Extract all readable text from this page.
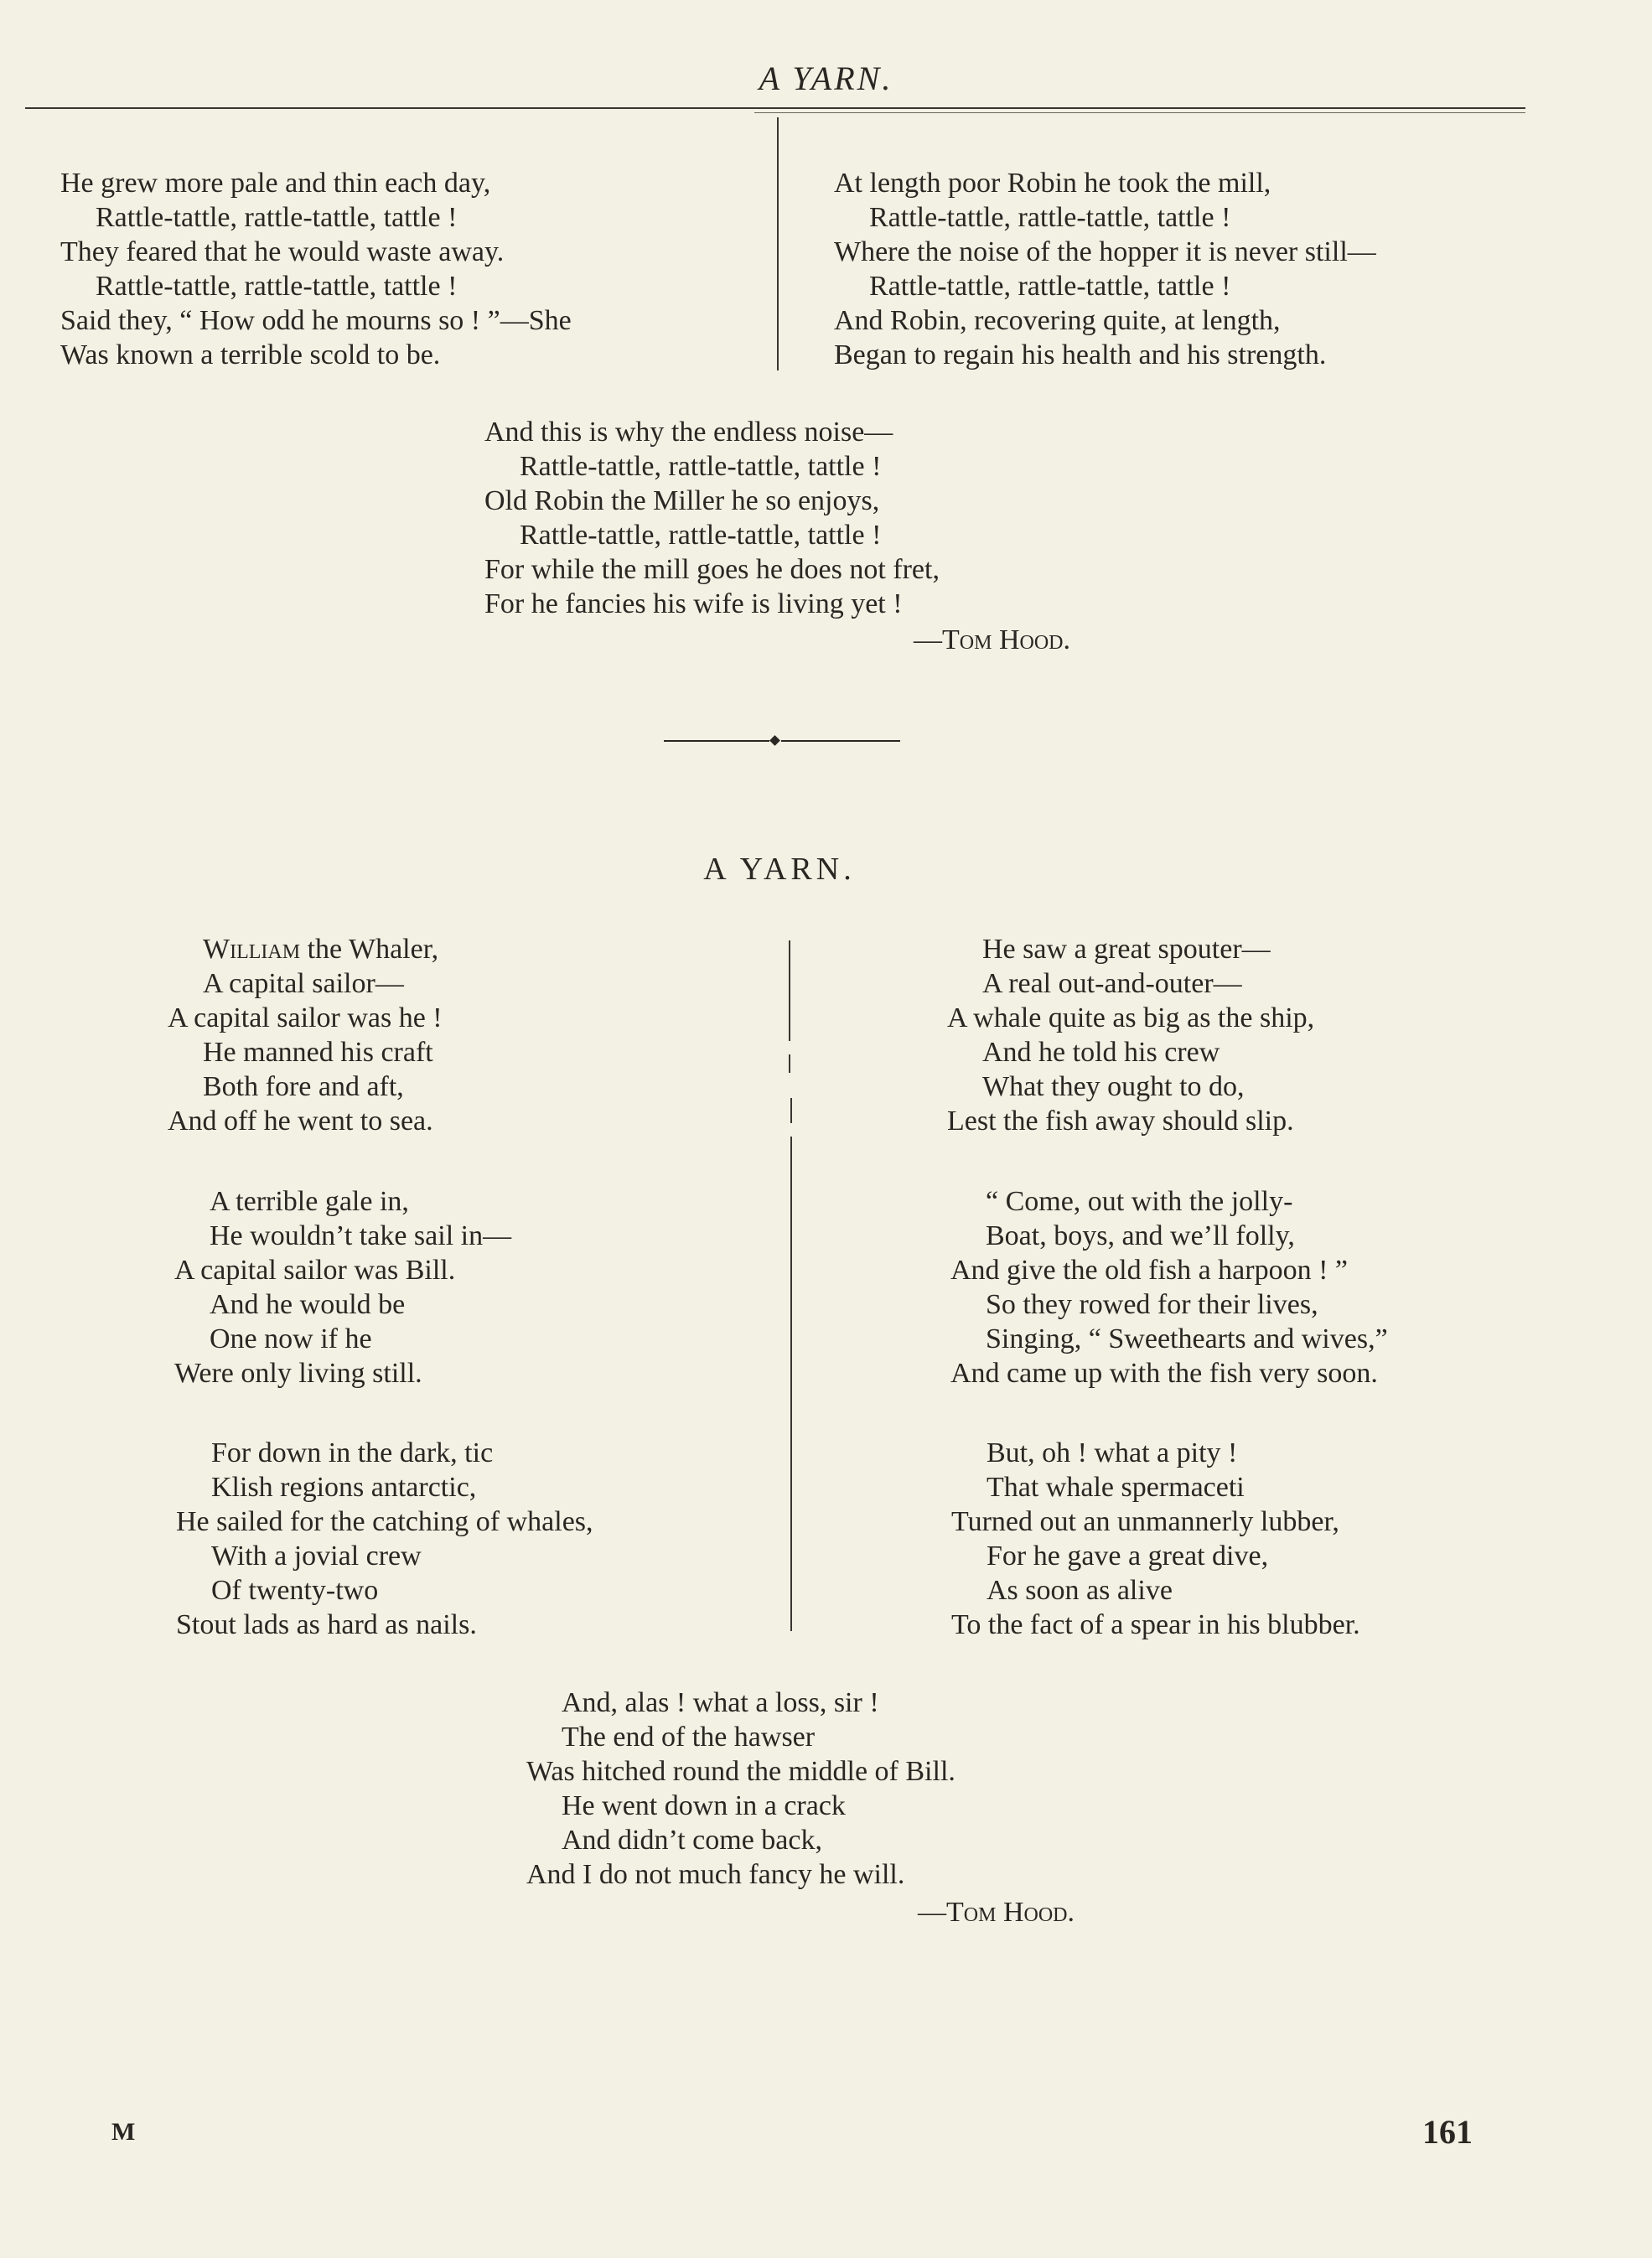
A YARN.
He grew more pale and thin each day,
Rattle-tattle, rattle-tattle, tattle !
They feared that he would waste away.
Rattle-tattle, rattle-tattle, tattle !
Said they, “ How odd he mourns so ! ”—She
Was known a terrible scold to be.
At length poor Robin he took the mill,
Rattle-tattle, rattle-tattle, tattle !
Where the noise of the hopper it is never still—
Rattle-tattle, rattle-tattle, tattle !
And Robin, recovering quite, at length,
Began to regain his health and his strength.
And this is why the endless noise—
Rattle-tattle, rattle-tattle, tattle !
Old Robin the Miller he so enjoys,
Rattle-tattle, rattle-tattle, tattle !
For while the mill goes he does not fret,
For he fancies his wife is living yet !
—Tom Hood.
A YARN.
William the Whaler,
A capital sailor—
A capital sailor was he !
He manned his craft
Both fore and aft,
And off he went to sea.
A terrible gale in,
He wouldn’t take sail in—
A capital sailor was Bill.
And he would be
One now if he
Were only living still.
For down in the dark, tic
Klish regions antarctic,
He sailed for the catching of whales,
With a jovial crew
Of twenty-two
Stout lads as hard as nails.
He saw a great spouter—
A real out-and-outer—
A whale quite as big as the ship,
And he told his crew
What they ought to do,
Lest the fish away should slip.
“ Come, out with the jolly-
Boat, boys, and we’ll folly,
And give the old fish a harpoon ! ”
So they rowed for their lives,
Singing, “ Sweethearts and wives,”
And came up with the fish very soon.
But, oh ! what a pity !
That whale spermaceti
Turned out an unmannerly lubber,
For he gave a great dive,
As soon as alive
To the fact of a spear in his blubber.
And, alas ! what a loss, sir !
The end of the hawser
Was hitched round the middle of Bill.
He went down in a crack
And didn’t come back,
And I do not much fancy he will.
—Tom Hood.
M	161
